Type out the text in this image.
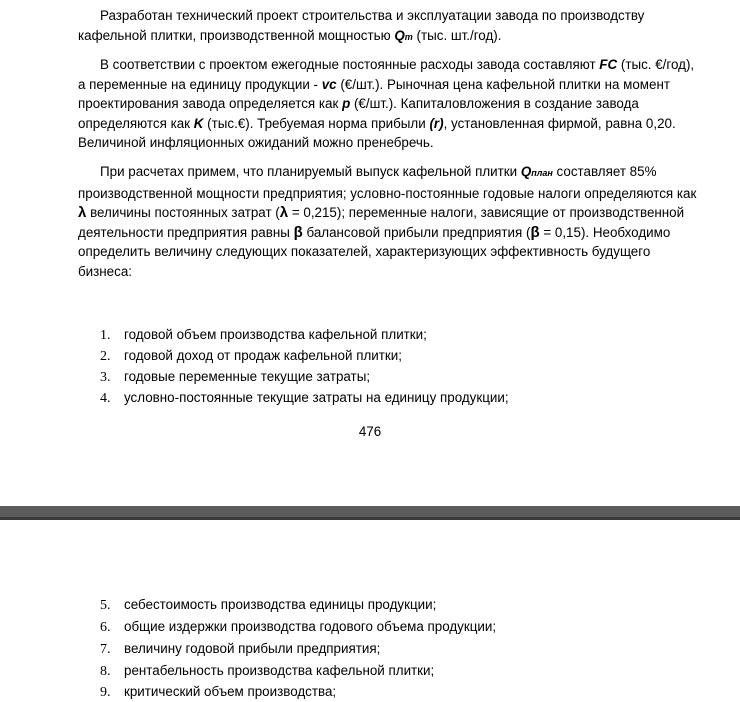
Разработан технический проект строительства и эксплуатации завода по производству кафельной плитки, производственной мощностью Qm (тыс. шт./год).

В соответствии с проектом ежегодные постоянные расходы завода составляют FC (тыс. €/год), а переменные на единицу продукции - vc (€/шт.). Рыночная цена кафельной плитки на момент проектирования завода определяется как p (€/шт.). Капиталовложения в создание завода определяются как K (тыс.€). Требуемая норма прибыли (r), установленная фирмой, равна 0,20. Величиной инфляционных ожиданий можно пренебречь.

При расчетах примем, что планируемый выпуск кафельной плитки Qплан составляет 85% производственной мощности предприятия; условно-постоянные годовые налоги определяются как λ величины постоянных затрат (λ = 0,215); переменные налоги, зависящие от производственной деятельности предприятия равны β балансовой прибыли предприятия (β = 0,15). Необходимо определить величину следующих показателей, характеризующих эффективность будущего бизнеса:

1. годовой объем производства кафельной плитки;
2. годовой доход от продаж кафельной плитки;
3. годовые переменные текущие затраты;
4. условно-постоянные текущие затраты на единицу продукции;
476
5. себестоимость производства единицы продукции;
6. общие издержки производства годового объема продукции;
7. величину годовой прибыли предприятия;
8. рентабельность производства кафельной плитки;
9. критический объем производства;
